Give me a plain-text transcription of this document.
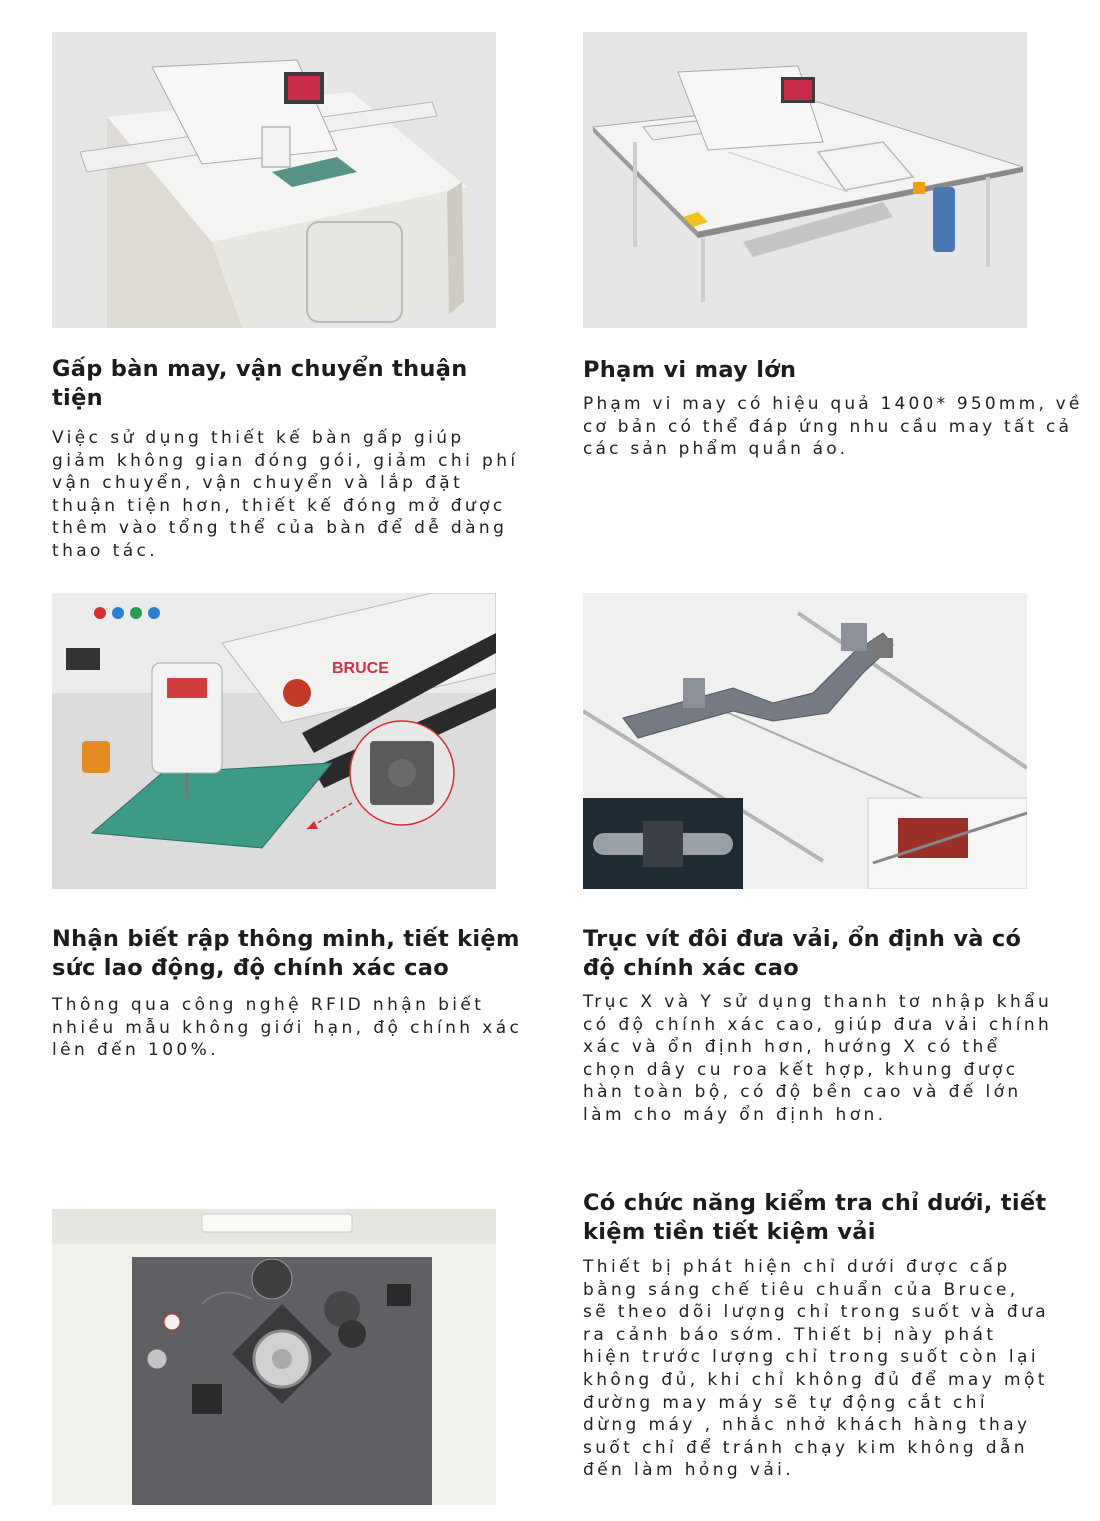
Gấp bàn may, vận chuyển thuận tiện

Việc sử dụng thiết kế bàn gấp giúp giảm không gian đóng gói, giảm chi phí vận chuyển, vận chuyển và lắp đặt thuận tiện hơn, thiết kế đóng mở được thêm vào tổng thể của bàn để dễ dàng thao tác.

Phạm vi may lớn

Phạm vi may có hiệu quả 1400* 950mm, về cơ bản có thể đáp ứng nhu cầu may tất cả các sản phẩm quần áo.

BRUCE
Nhận biết rập thông minh, tiết kiệm sức lao động, độ chính xác cao

Thông qua công nghệ RFID nhận biết nhiều mẫu không giới hạn, độ chính xác lên đến 100%.

Trục vít đôi đưa vải, ổn định và có độ chính xác cao

Trục X và Y sử dụng thanh tơ nhập khẩu có độ chính xác cao, giúp đưa vải chính xác và ổn định hơn, hướng X có thể chọn dây cu roa kết hợp, khung được hàn toàn bộ, có độ bền cao và đế lớn làm cho máy ổn định hơn.

Có chức năng kiểm tra chỉ dưới, tiết kiệm tiền tiết kiệm vải

Thiết bị phát hiện chỉ dưới được cấp bằng sáng chế tiêu chuẩn của Bruce, sẽ theo dõi lượng chỉ trong suốt và đưa ra cảnh báo sớm. Thiết bị này phát hiện trước lượng chỉ trong suốt còn lại không đủ, khi chỉ không đủ để may một đường may máy sẽ tự động cắt chỉ dừng máy , nhắc nhở khách hàng thay suốt chỉ để tránh chạy kim không dẫn đến làm hỏng vải.
